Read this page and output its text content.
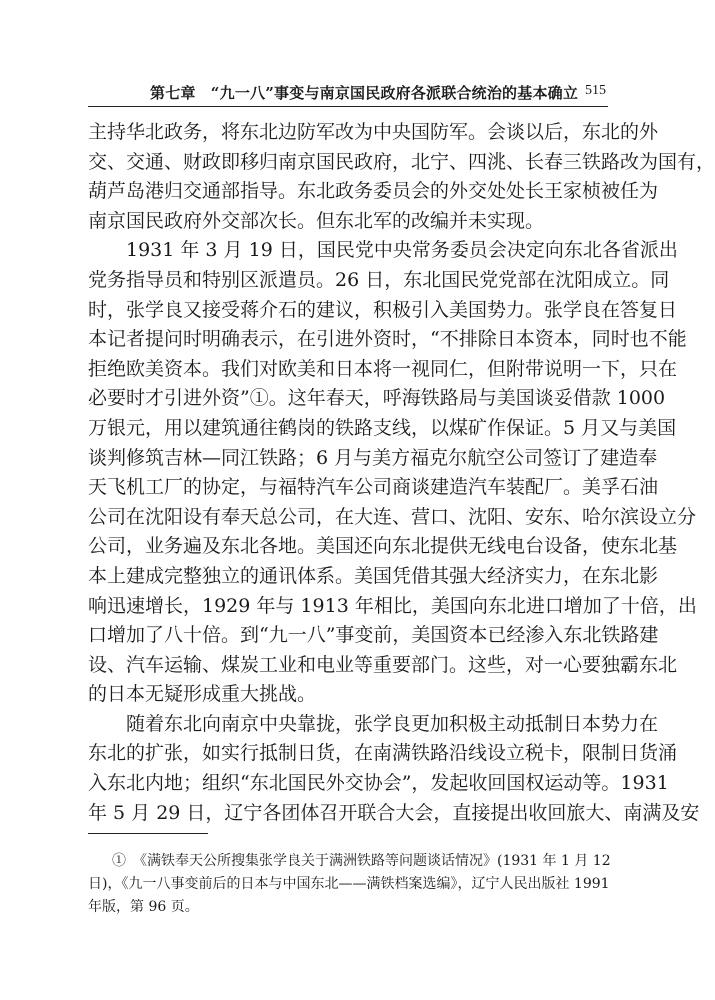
第七章　“九一八”事变与南京国民政府各派联合统治的基本确立 515
主持华北政务，将东北边防军改为中央国防军。会谈以后，东北的外
交、交通、财政即移归南京国民政府，北宁、四洮、长春三铁路改为国有，
葫芦岛港归交通部指导。东北政务委员会的外交处处长王家桢被任为
南京国民政府外交部次长。但东北军的改编并未实现。
　　1931 年 3 月 19 日，国民党中央常务委员会决定向东北各省派出
党务指导员和特别区派遣员。26 日，东北国民党党部在沈阳成立。同
时，张学良又接受蒋介石的建议，积极引入美国势力。张学良在答复日
本记者提问时明确表示，在引进外资时，“不排除日本资本，同时也不能
拒绝欧美资本。我们对欧美和日本将一视同仁，但附带说明一下，只在
必要时才引进外资”①。这年春天，呼海铁路局与美国谈妥借款 1000
万银元，用以建筑通往鹤岗的铁路支线，以煤矿作保证。5 月又与美国
谈判修筑吉林—同江铁路；6 月与美方福克尔航空公司签订了建造奉
天飞机工厂的协定，与福特汽车公司商谈建造汽车装配厂。美孚石油
公司在沈阳设有奉天总公司，在大连、营口、沈阳、安东、哈尔滨设立分
公司，业务遍及东北各地。美国还向东北提供无线电台设备，使东北基
本上建成完整独立的通讯体系。美国凭借其强大经济实力，在东北影
响迅速增长，1929 年与 1913 年相比，美国向东北进口增加了十倍，出
口增加了八十倍。到“九一八”事变前，美国资本已经渗入东北铁路建
设、汽车运输、煤炭工业和电业等重要部门。这些，对一心要独霸东北
的日本无疑形成重大挑战。
　　随着东北向南京中央靠拢，张学良更加积极主动抵制日本势力在
东北的扩张，如实行抵制日货，在南满铁路沿线设立税卡，限制日货涌
入东北内地；组织“东北国民外交协会”，发起收回国权运动等。1931
年 5 月 29 日，辽宁各团体召开联合大会，直接提出收回旅大、南满及安
①　《满铁奉天公所搜集张学良关于满洲铁路等问题谈话情况》(1931 年 1 月 12
日)，《九一八事变前后的日本与中国东北——满铁档案选编》，辽宁人民出版社 1991
年版，第 96 页。
